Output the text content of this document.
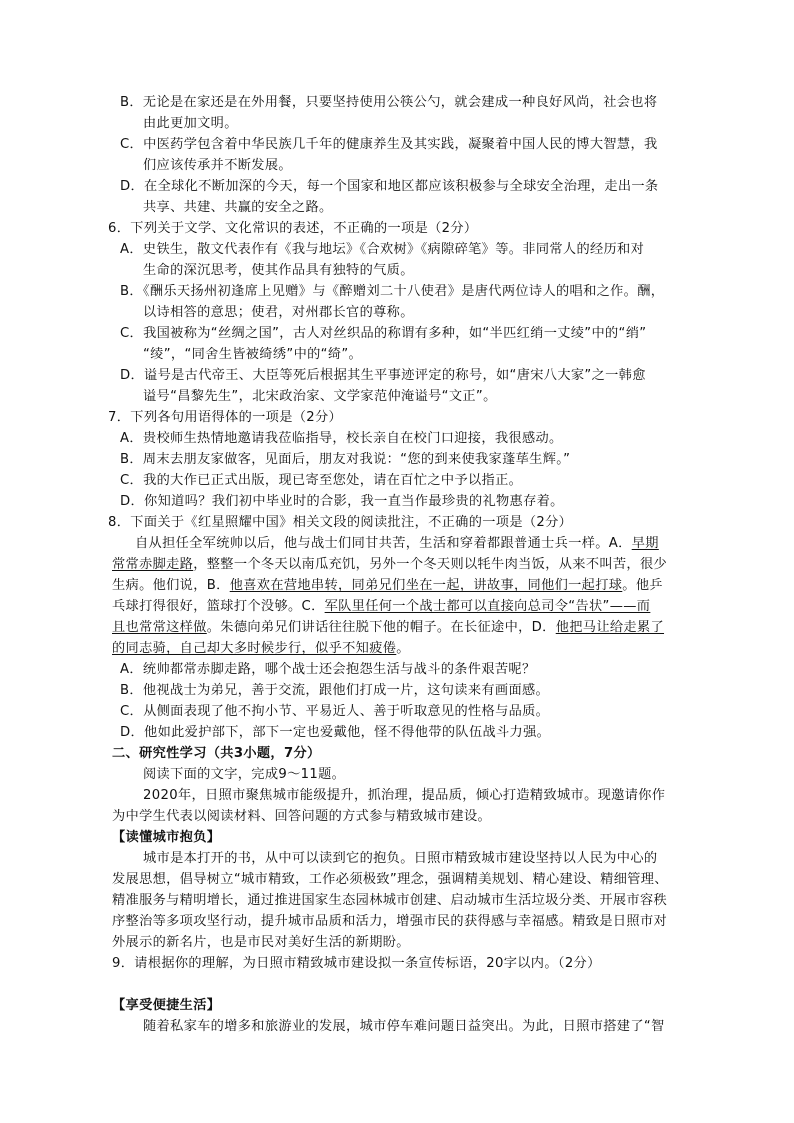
B．无论是在家还是在外用餐，只要坚持使用公筷公勺，就会建成一种良好风尚，社会也将
由此更加文明。
C．中医药学包含着中华民族几千年的健康养生及其实践，凝聚着中国人民的博大智慧，我
们应该传承并不断发展。
D．在全球化不断加深的今天，每一个国家和地区都应该积极参与全球安全治理，走出一条
共享、共建、共赢的安全之路。
6．下列关于文学、文化常识的表述，不正确的一项是（2分）
A．史铁生，散文代表作有《我与地坛》《合欢树》《病隙碎笔》等。非同常人的经历和对
生命的深沉思考，使其作品具有独特的气质。
B．《酬乐天扬州初逢席上见赠》与《醉赠刘二十八使君》是唐代两位诗人的唱和之作。酬，
以诗相答的意思；使君，对州郡长官的尊称。
C．我国被称为“丝绸之国”，古人对丝织品的称谓有多种，如“半匹红绡一丈绫”中的“绡”
“绫”，“同舍生皆被绮绣”中的“绮”。
D．谥号是古代帝王、大臣等死后根据其生平事迹评定的称号，如“唐宋八大家”之一韩愈
谥号“昌黎先生”，北宋政治家、文学家范仲淹谥号“文正”。
7．下列各句用语得体的一项是（2分）
A．贵校师生热情地邀请我莅临指导，校长亲自在校门口迎接，我很感动。
B．周末去朋友家做客，见面后，朋友对我说：“您的到来使我家蓬荜生辉。”
C．我的大作已正式出版，现已寄至您处，请在百忙之中予以指正。
D．你知道吗？我们初中毕业时的合影，我一直当作最珍贵的礼物惠存着。
8．下面关于《红星照耀中国》相关文段的阅读批注，不正确的一项是（2分）
自从担任全军统帅以后，他与战士们同甘共苦，生活和穿着都跟普通士兵一样。A．早期
常常赤脚走路，整整一个冬天以南瓜充饥，另外一个冬天则以牦牛肉当饭，从来不叫苦，很少
生病。他们说，B．他喜欢在营地串转，同弟兄们坐在一起，讲故事，同他们一起打球。他乒
乓球打得很好，篮球打个没够。C．军队里任何一个战士都可以直接向总司令“告状”——而
且也常常这样做。朱德向弟兄们讲话往往脱下他的帽子。在长征途中，D．他把马让给走累了
的同志骑，自己却大多时候步行，似乎不知疲倦。
A．统帅都常赤脚走路，哪个战士还会抱怨生活与战斗的条件艰苦呢？
B．他视战士为弟兄，善于交流，跟他们打成一片，这句读来有画面感。
C．从侧面表现了他不拘小节、平易近人、善于听取意见的性格与品质。
D．他如此爱护部下，部下一定也爱戴他，怪不得他带的队伍战斗力强。
二、研究性学习（共3小题，7分）
阅读下面的文字，完成9～11题。
2020年，日照市聚焦城市能级提升，抓治理，提品质，倾心打造精致城市。现邀请你作
为中学生代表以阅读材料、回答问题的方式参与精致城市建设。
【读懂城市抱负】
城市是本打开的书，从中可以读到它的抱负。日照市精致城市建设坚持以人民为中心的
发展思想，倡导树立“城市精致，工作必须极致”理念，强调精美规划、精心建设、精细管理、
精准服务与精明增长，通过推进国家生态园林城市创建、启动城市生活垃圾分类、开展市容秩
序整治等多项攻坚行动，提升城市品质和活力，增强市民的获得感与幸福感。精致是日照市对
外展示的新名片，也是市民对美好生活的新期盼。
9．请根据你的理解，为日照市精致城市建设拟一条宣传标语，20字以内。（2分）
【享受便捷生活】
随着私家车的增多和旅游业的发展，城市停车难问题日益突出。为此，日照市搭建了“智
